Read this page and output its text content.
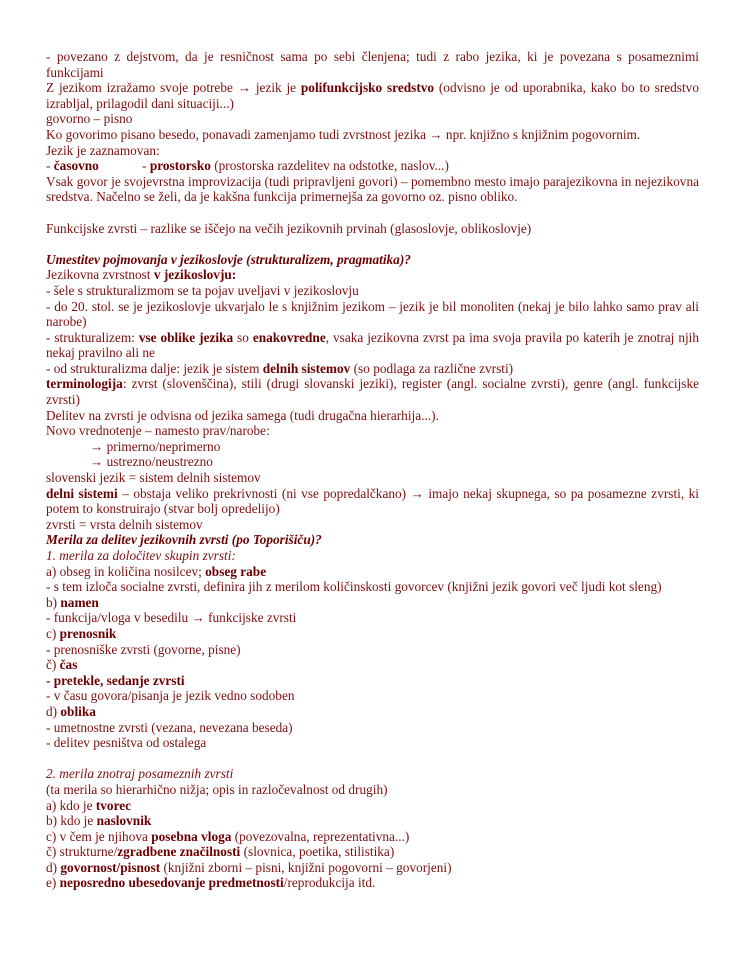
- povezano z dejstvom, da je resničnost sama po sebi členjena; tudi z rabo jezika, ki je povezana s posameznimi funkcijami

Z jezikom izražamo svoje potrebe → jezik je polifunkcijsko sredstvo (odvisno je od uporabnika, kako bo to sredstvo izrabljal, prilagodil dani situaciji...)

govorno – pisno

Ko govorimo pisano besedo, ponavadi zamenjamo tudi zvrstnost jezika → npr. knjižno s knjižnim pogovornim.

Jezik je zaznamovan:

- časovno             - prostorsko (prostorska razdelitev na odstotke, naslov...)

Vsak govor je svojevrstna improvizacija (tudi pripravljeni govori) – pomembno mesto imajo parajezikovna in nejezikovna sredstva. Načelno se želi, da je kakšna funkcija primernejša za govorno oz. pisno obliko.

Funkcijske zvrsti – razlike se iščejo na večih jezikovnih prvinah (glasoslovje, oblikoslovje)

Umestitev pojmovanja v jezikoslovje (strukturalizem, pragmatika)?

Jezikovna zvrstnost v jezikoslovju:

- šele s strukturalizmom se ta pojav uveljavi v jezikoslovju

- do 20. stol. se je jezikoslovje ukvarjalo le s knjižnim jezikom – jezik je bil monoliten (nekaj je bilo lahko samo prav ali narobe)

- strukturalizem: vse oblike jezika so enakovredne, vsaka jezikovna zvrst pa ima svoja pravila po katerih je znotraj njih nekaj pravilno ali ne

- od strukturalizma dalje: jezik je sistem delnih sistemov (so podlaga za različne zvrsti)

terminologija: zvrst (slovenščina), stili (drugi slovanski jeziki), register (angl. socialne zvrsti), genre (angl. funkcijske zvrsti)

Delitev na zvrsti je odvisna od jezika samega (tudi drugačna hierarhija...).

Novo vrednotenje – namesto prav/narobe:

→ primerno/neprimerno

→ ustrezno/neustrezno

slovenski jezik = sistem delnih sistemov

delni sistemi – obstaja veliko prekrivnosti (ni vse popredalčkano) → imajo nekaj skupnega, so pa posamezne zvrsti, ki potem to konstruirajo (stvar bolj opredelijo)

zvrsti = vrsta delnih sistemov

Merila za delitev jezikovnih zvrsti (po Toporišiču)?

1. merila za določitev skupin zvrsti:

a) obseg in količina nosilcev; obseg rabe

- s tem izloča socialne zvrsti, definira jih z merilom količinskosti govorcev (knjižni jezik govori več ljudi kot sleng)

b) namen

- funkcija/vloga v besedilu → funkcijske zvrsti

c) prenosnik

- prenosniške zvrsti (govorne, pisne)

č) čas

- pretekle, sedanje zvrsti

- v času govora/pisanja je jezik vedno sodoben

d) oblika

- umetnostne zvrsti (vezana, nevezana beseda)

- delitev pesništva od ostalega

2. merila znotraj posameznih zvrsti

(ta merila so hierarhično nižja; opis in razločevalnost od drugih)

a) kdo je tvorec

b) kdo je naslovnik

c) v čem je njihova posebna vloga (povezovalna, reprezentativna...)

č) strukturne/zgradbene značilnosti (slovnica, poetika, stilistika)

d) govornost/pisnost (knjižni zborni – pisni, knjižni pogovorni – govorjeni)

e) neposredno ubesedovanje predmetnosti/reprodukcija itd.
